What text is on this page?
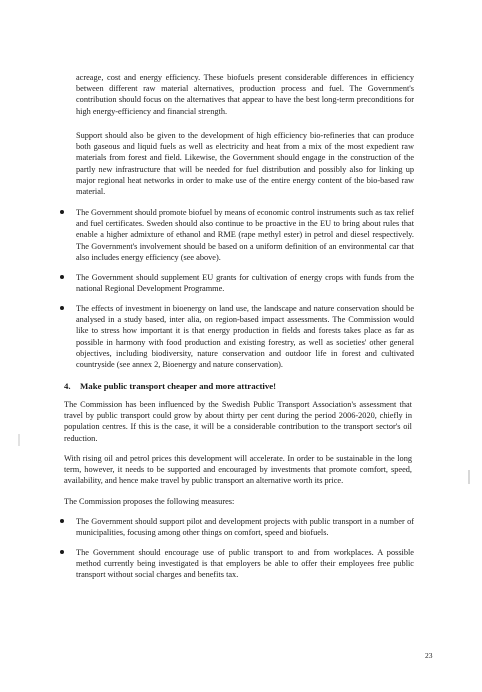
acreage, cost and energy efficiency. These biofuels present considerable differences in efficiency between different raw material alternatives, production process and fuel. The Government's contribution should focus on the alternatives that appear to have the best long-term preconditions for high energy-efficiency and financial strength.

Support should also be given to the development of high efficiency bio-refineries that can produce both gaseous and liquid fuels as well as electricity and heat from a mix of the most expedient raw materials from forest and field. Likewise, the Government should engage in the construction of the partly new infrastructure that will be needed for fuel distribution and possibly also for linking up major regional heat networks in order to make use of the entire energy content of the bio-based raw material.

The Government should promote biofuel by means of economic control instruments such as tax relief and fuel certificates. Sweden should also continue to be proactive in the EU to bring about rules that enable a higher admixture of ethanol and RME (rape methyl ester) in petrol and diesel respectively. The Government's involvement should be based on a uniform definition of an environmental car that also includes energy efficiency (see above).

The Government should supplement EU grants for cultivation of energy crops with funds from the national Regional Development Programme.

The effects of investment in bioenergy on land use, the landscape and nature conservation should be analysed in a study based, inter alia, on region-based impact assessments. The Commission would like to stress how important it is that energy production in fields and forests takes place as far as possible in harmony with food production and existing forestry, as well as societies' other general objectives, including biodiversity, nature conservation and outdoor life in forest and cultivated countryside (see annex 2, Bioenergy and nature conservation).

4. Make public transport cheaper and more attractive!

The Commission has been influenced by the Swedish Public Transport Association's assessment that travel by public transport could grow by about thirty per cent during the period 2006-2020, chiefly in population centres. If this is the case, it will be a considerable contribution to the transport sector's oil reduction.

With rising oil and petrol prices this development will accelerate. In order to be sustainable in the long term, however, it needs to be supported and encouraged by investments that promote comfort, speed, availability, and hence make travel by public transport an alternative worth its price.

The Commission proposes the following measures:

The Government should support pilot and development projects with public transport in a number of municipalities, focusing among other things on comfort, speed and biofuels.

The Government should encourage use of public transport to and from workplaces. A possible method currently being investigated is that employers be able to offer their employees free public transport without social charges and benefits tax.

23
